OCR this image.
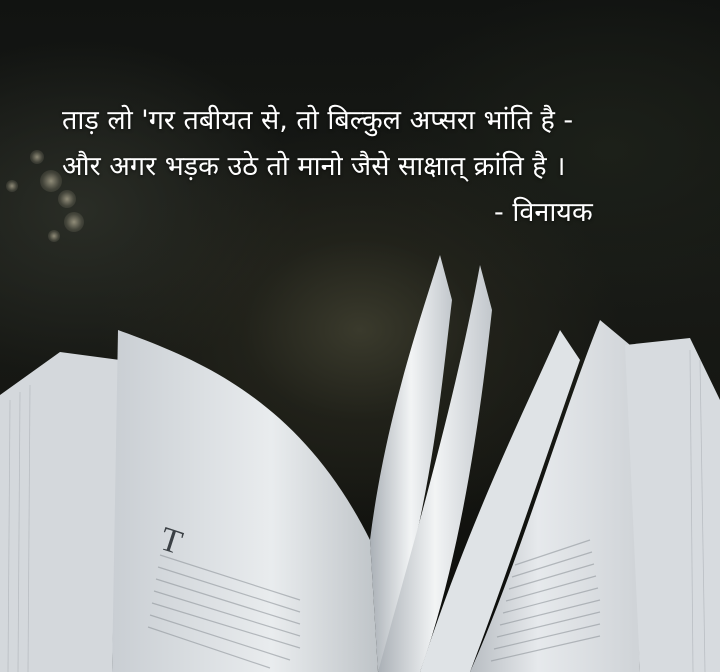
T
ताड़ लो 'गर तबीयत से, तो बिल्कुल अप्सरा भांति है -
और अगर भड़क उठे तो मानो जैसे साक्षात् क्रांति है ।
- विनायक
